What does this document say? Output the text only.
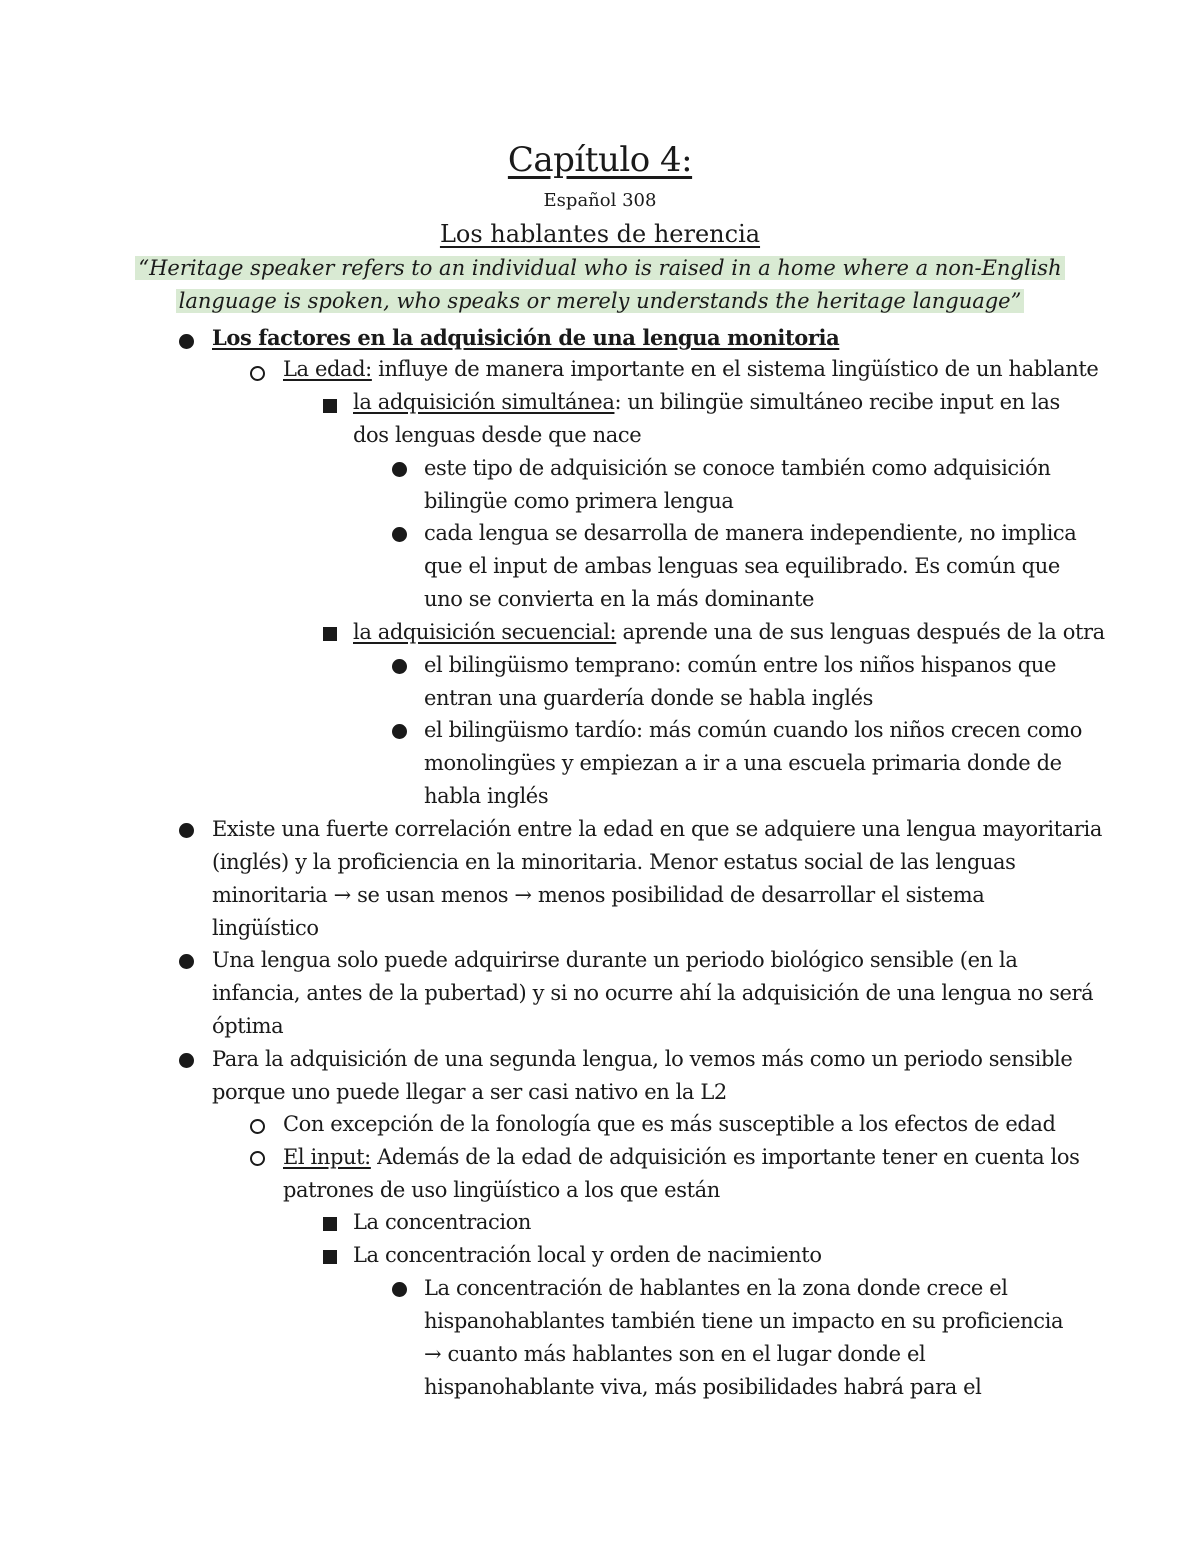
Capítulo 4:
Español 308
Los hablantes de herencia
“Heritage speaker refers to an individual who is raised in a home where a non-English
language is spoken, who speaks or merely understands the heritage language”
Los factores en la adquisición de una lengua monitoria
La edad: influye de manera importante en el sistema lingüístico de un hablante
la adquisición simultánea: un bilingüe simultáneo recibe input en las
dos lenguas desde que nace
este tipo de adquisición se conoce también como adquisición
bilingüe como primera lengua
cada lengua se desarrolla de manera independiente, no implica
que el input de ambas lenguas sea equilibrado. Es común que
uno se convierta en la más dominante
la adquisición secuencial: aprende una de sus lenguas después de la otra
el bilingüismo temprano: común entre los niños hispanos que
entran una guardería donde se habla inglés
el bilingüismo tardío: más común cuando los niños crecen como
monolingües y empiezan a ir a una escuela primaria donde de
habla inglés
Existe una fuerte correlación entre la edad en que se adquiere una lengua mayoritaria
(inglés) y la proficiencia en la minoritaria. Menor estatus social de las lenguas
minoritaria → se usan menos → menos posibilidad de desarrollar el sistema
lingüístico
Una lengua solo puede adquirirse durante un periodo biológico sensible (en la
infancia, antes de la pubertad) y si no ocurre ahí la adquisición de una lengua no será
óptima
Para la adquisición de una segunda lengua, lo vemos más como un periodo sensible
porque uno puede llegar a ser casi nativo en la L2
Con excepción de la fonología que es más susceptible a los efectos de edad
El input: Además de la edad de adquisición es importante tener en cuenta los
patrones de uso lingüístico a los que están
La concentracion
La concentración local y orden de nacimiento
La concentración de hablantes en la zona donde crece el
hispanohablantes también tiene un impacto en su proficiencia
→ cuanto más hablantes son en el lugar donde el
hispanohablante viva, más posibilidades habrá para el
